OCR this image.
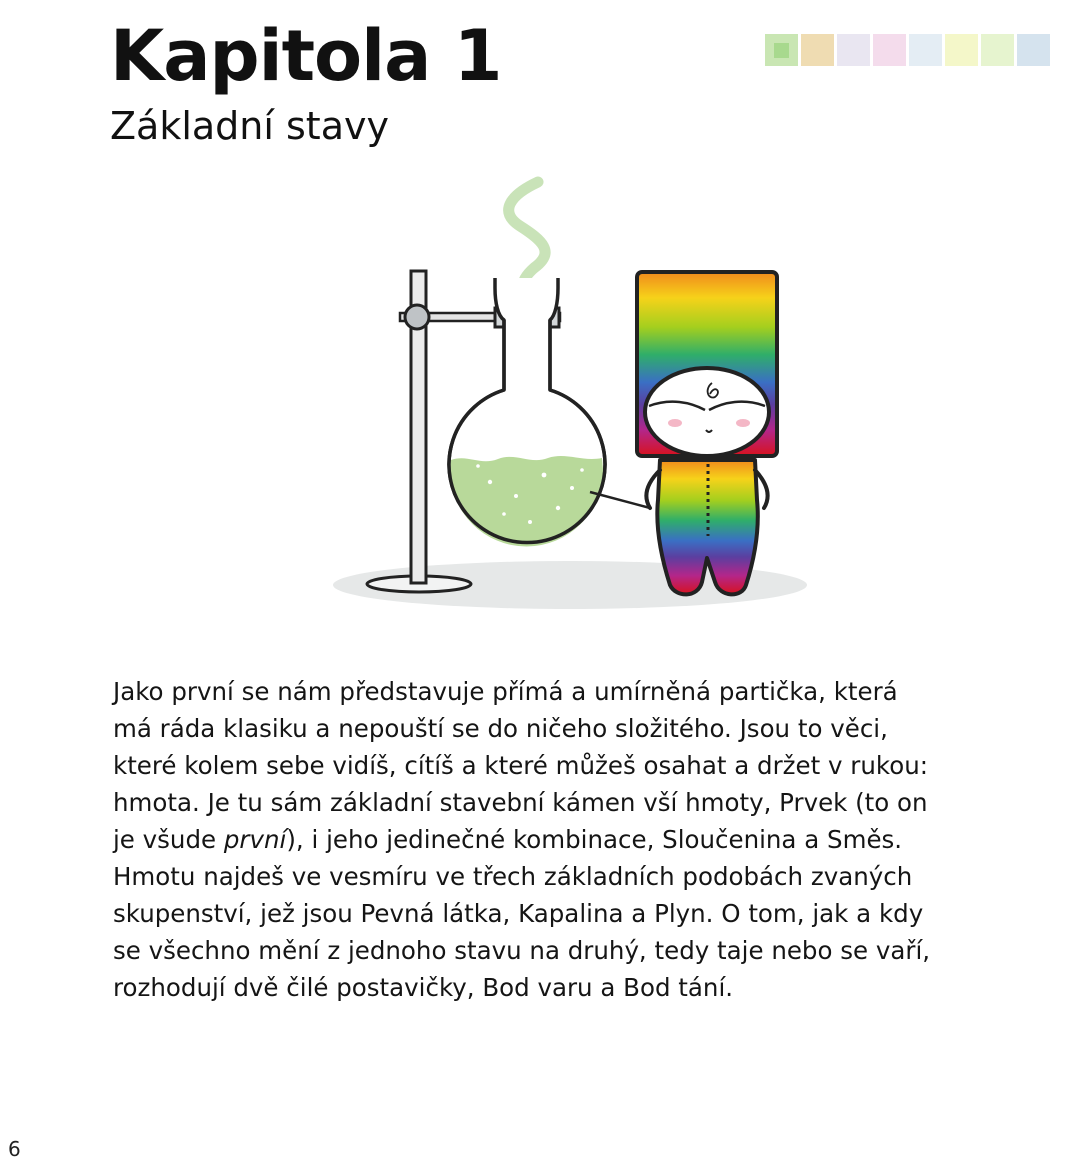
Kapitola 1
Základní stavy
Jako první se nám představuje přímá a umírněná partička, která
má ráda klasiku a nepouští se do ničeho složitého. Jsou to věci,
které kolem sebe vidíš, cítíš a které můžeš osahat a držet v rukou:
hmota. Je tu sám základní stavební kámen vší hmoty, Prvek (to on
je všude první), i jeho jedinečné kombinace, Sloučenina a Směs.
Hmotu najdeš ve vesmíru ve třech základních podobách zvaných
skupenství, jež jsou Pevná látka, Kapalina a Plyn. O tom, jak a kdy
se všechno mění z jednoho stavu na druhý, tedy taje nebo se vaří,
rozhodují dvě čilé postavičky, Bod varu a Bod tání.
6
